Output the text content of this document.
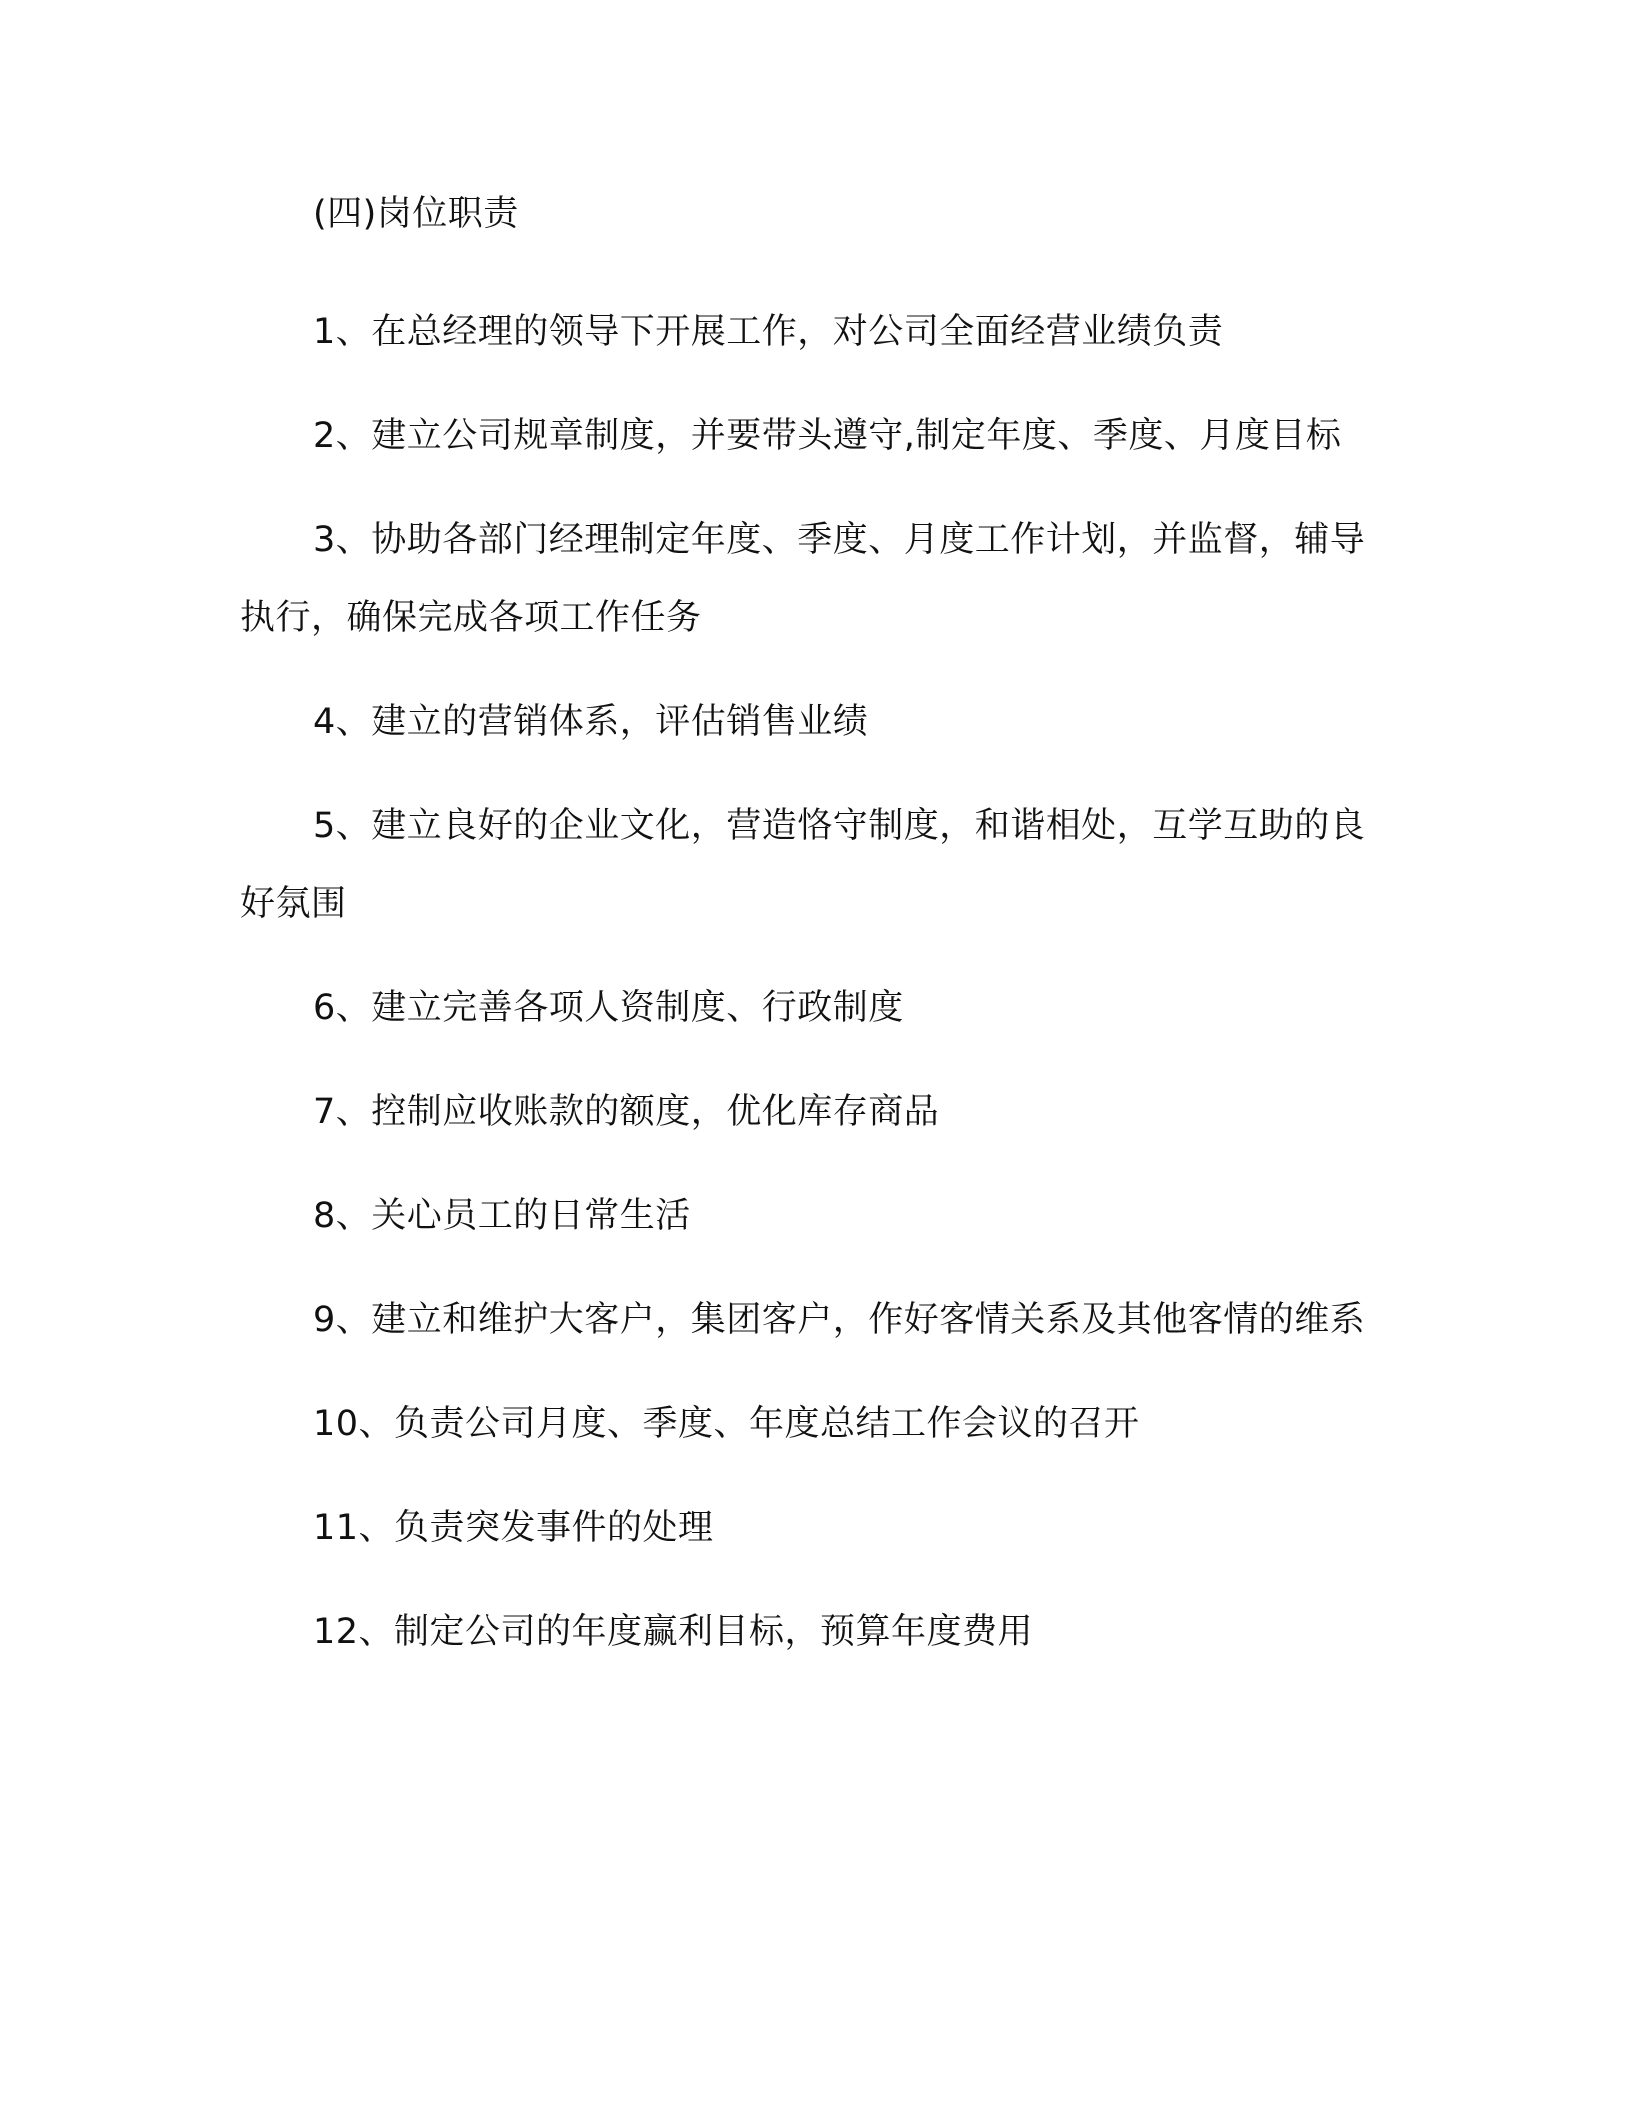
(四)岗位职责

1、在总经理的领导下开展工作，对公司全面经营业绩负责

2、建立公司规章制度，并要带头遵守,制定年度、季度、月度目标

3、协助各部门经理制定年度、季度、月度工作计划，并监督，辅导执行，确保完成各项工作任务

4、建立的营销体系，评估销售业绩

5、建立良好的企业文化，营造恪守制度，和谐相处，互学互助的良好氛围

6、建立完善各项人资制度、行政制度

7、控制应收账款的额度，优化库存商品

8、关心员工的日常生活

9、建立和维护大客户，集团客户，作好客情关系及其他客情的维系

10、负责公司月度、季度、年度总结工作会议的召开

11、负责突发事件的处理

12、制定公司的年度赢利目标，预算年度费用
